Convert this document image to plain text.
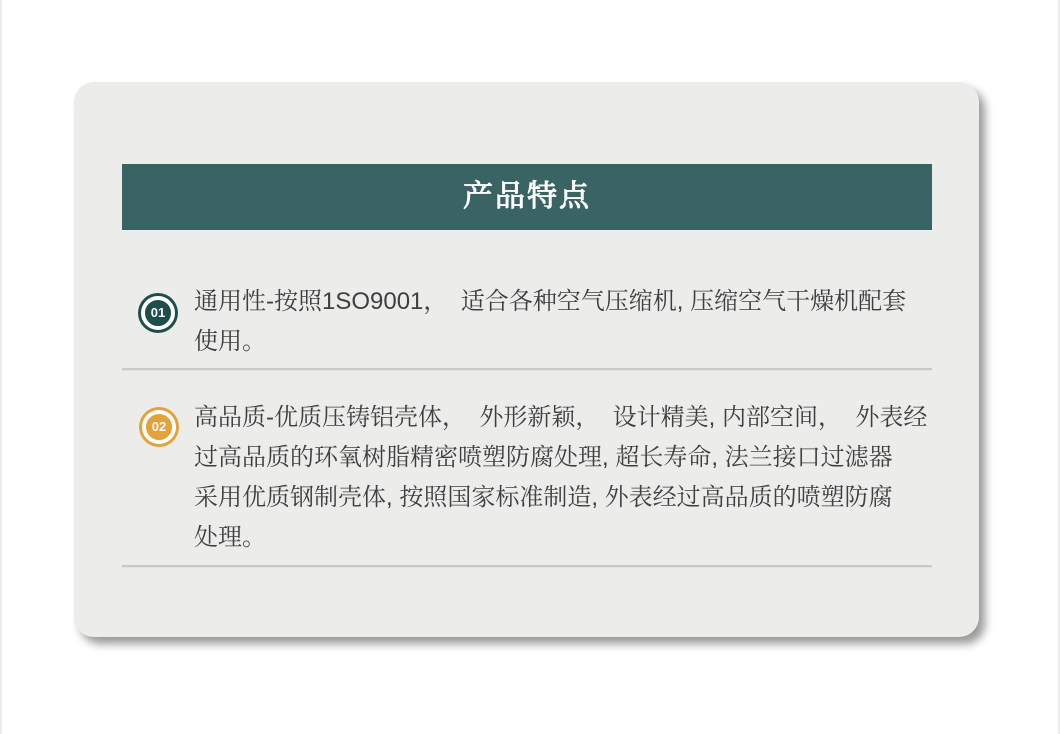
产品特点
01	通用性-按照1SO9001，  适合各种空气压缩机, 压缩空气干燥机配套
使用。
02	高品质-优质压铸铝壳体，  外形新颖，  设计精美, 内部空间，  外表经
过高品质的环氧树脂精密喷塑防腐处理, 超长寿命, 法兰接口过滤器
采用优质钢制壳体, 按照国家标准制造, 外表经过高品质的喷塑防腐
处理。
